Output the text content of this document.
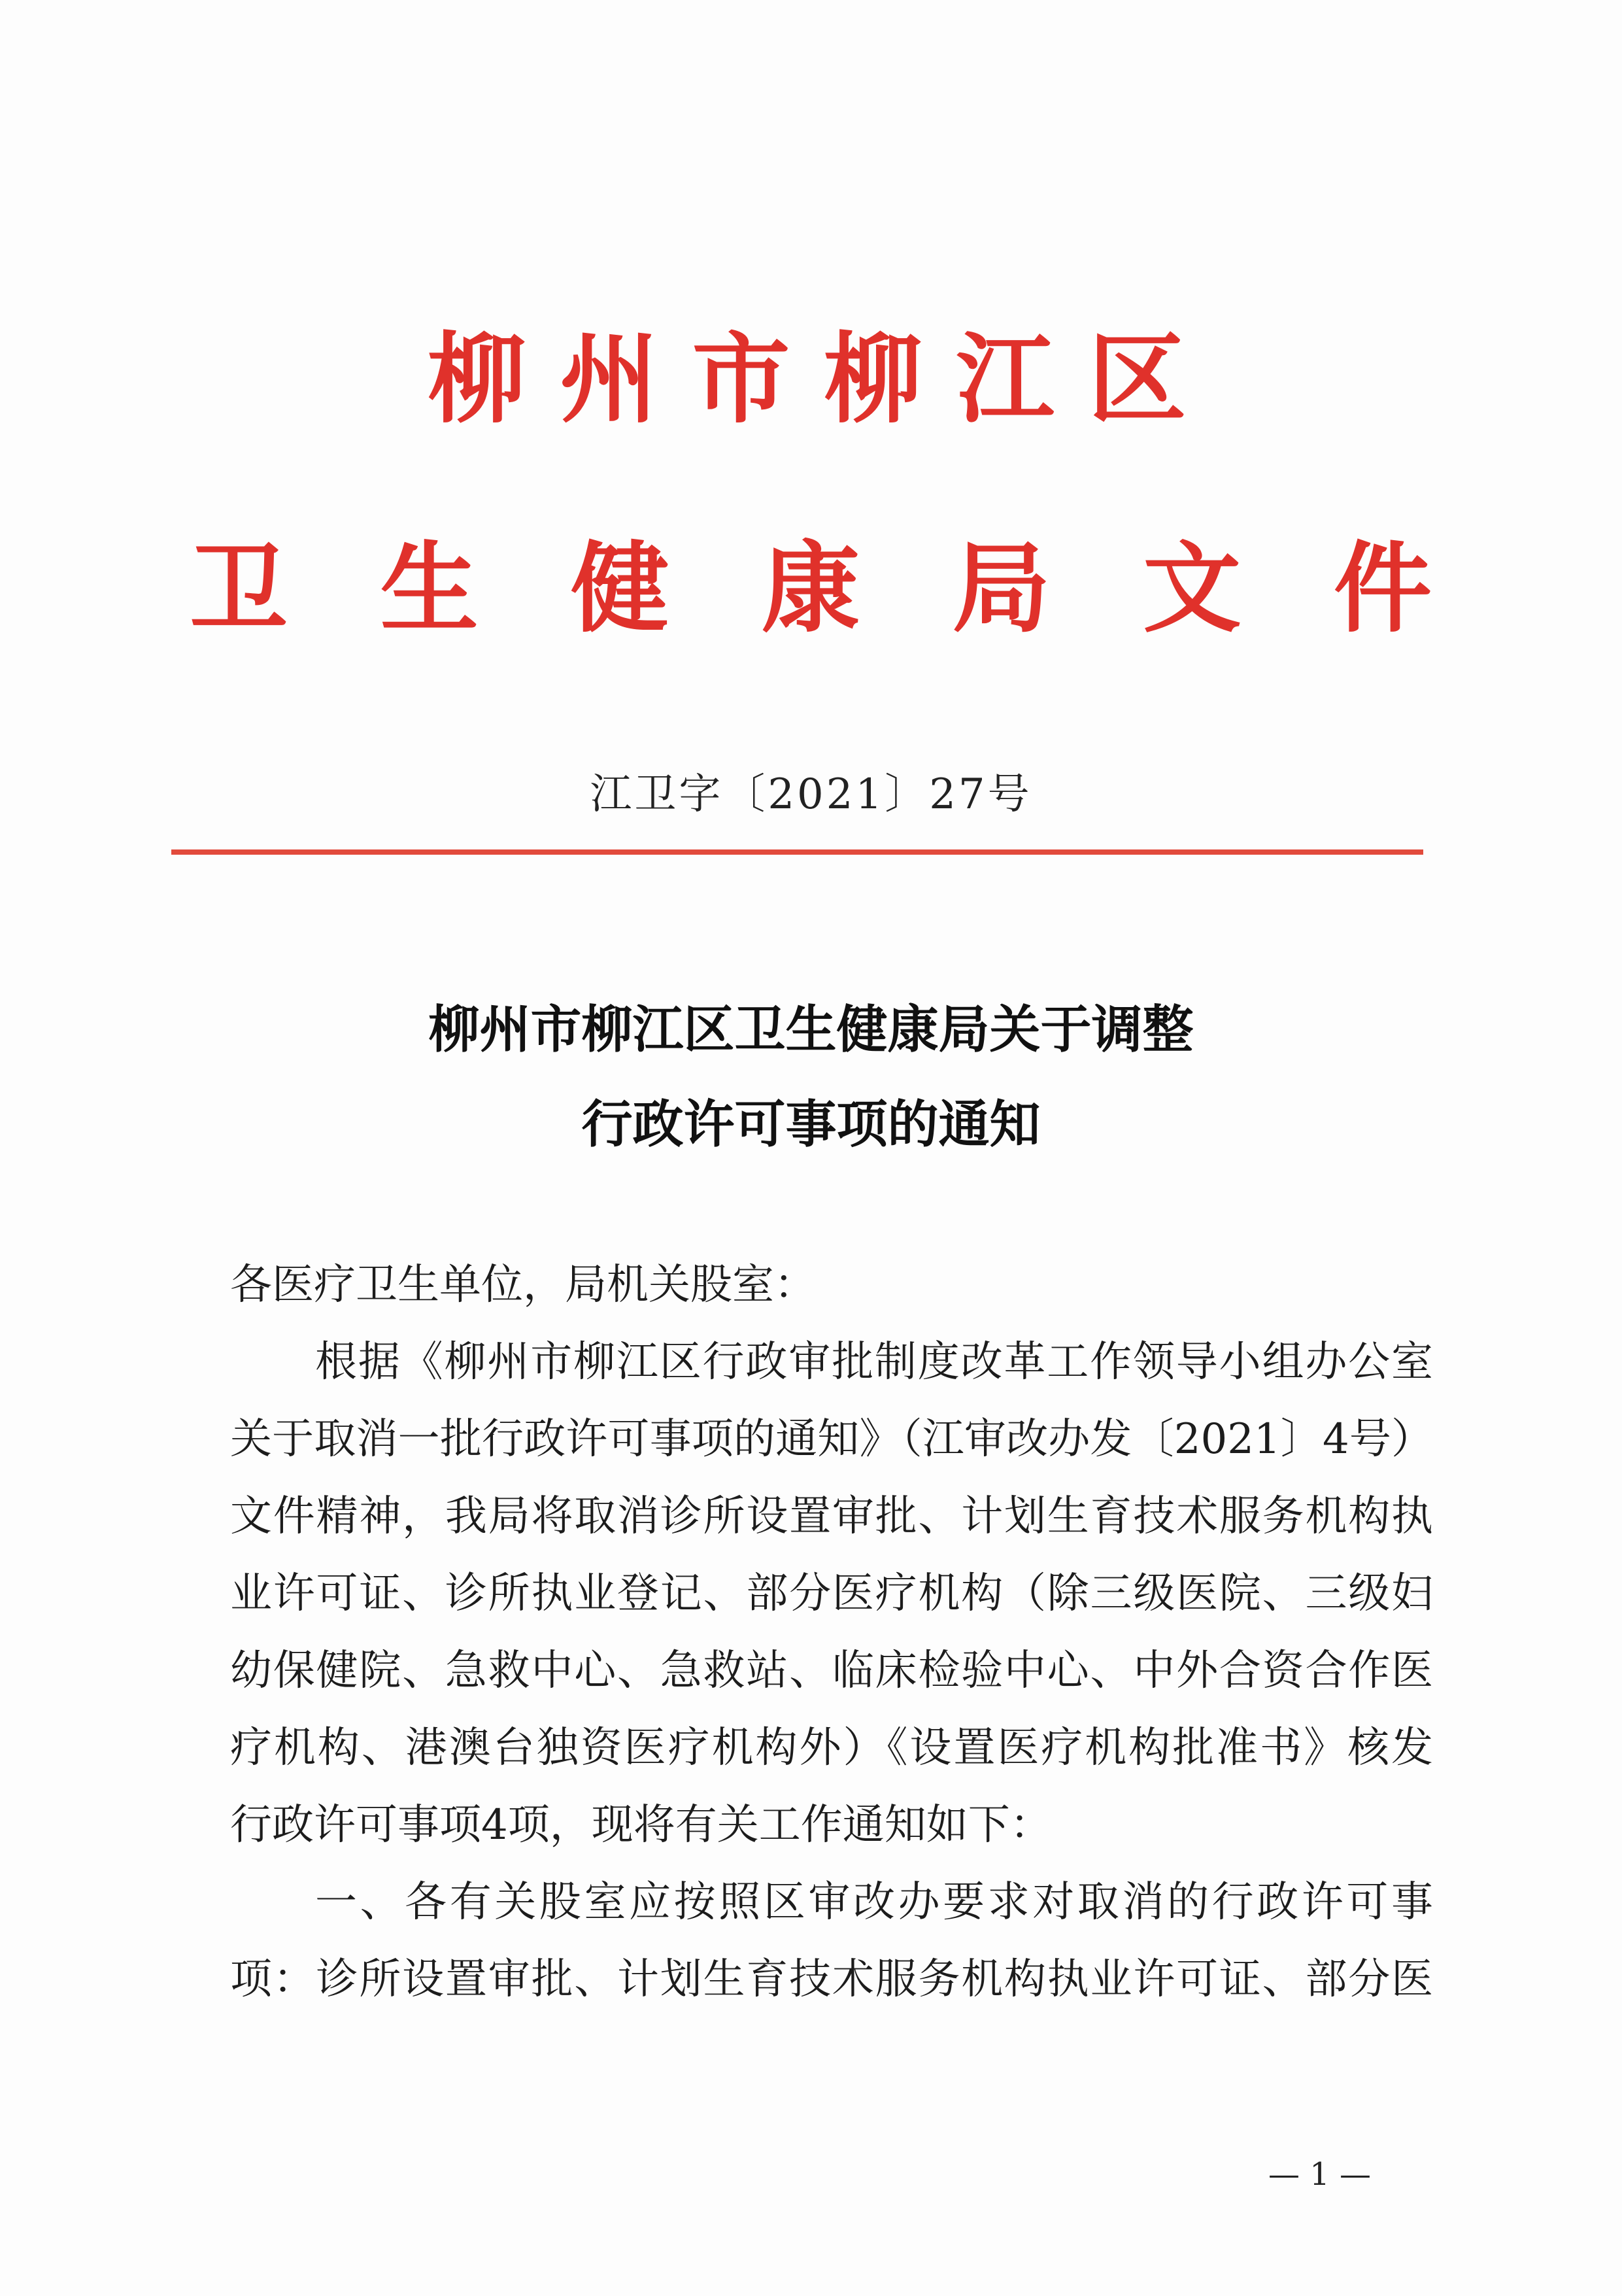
柳州市柳江区
卫 生 健 康 局 文 件
江卫字〔2021〕27号
柳州市柳江区卫生健康局关于调整
行政许可事项的通知
各医疗卫生单位，局机关股室：
根据《柳州市柳江区行政审批制度改革工作领导小组办公室
关于取消一批行政许可事项的通知》（江审改办发〔2021〕4号）
文件精神，我局将取消诊所设置审批、计划生育技术服务机构执
业许可证、诊所执业登记、部分医疗机构（除三级医院、三级妇
幼保健院、急救中心、急救站、临床检验中心、中外合资合作医
疗机构、港澳台独资医疗机构外）《设置医疗机构批准书》核发
行政许可事项4项，现将有关工作通知如下：
一、各有关股室应按照区审改办要求对取消的行政许可事
项：诊所设置审批、计划生育技术服务机构执业许可证、部分医
— 1 —
